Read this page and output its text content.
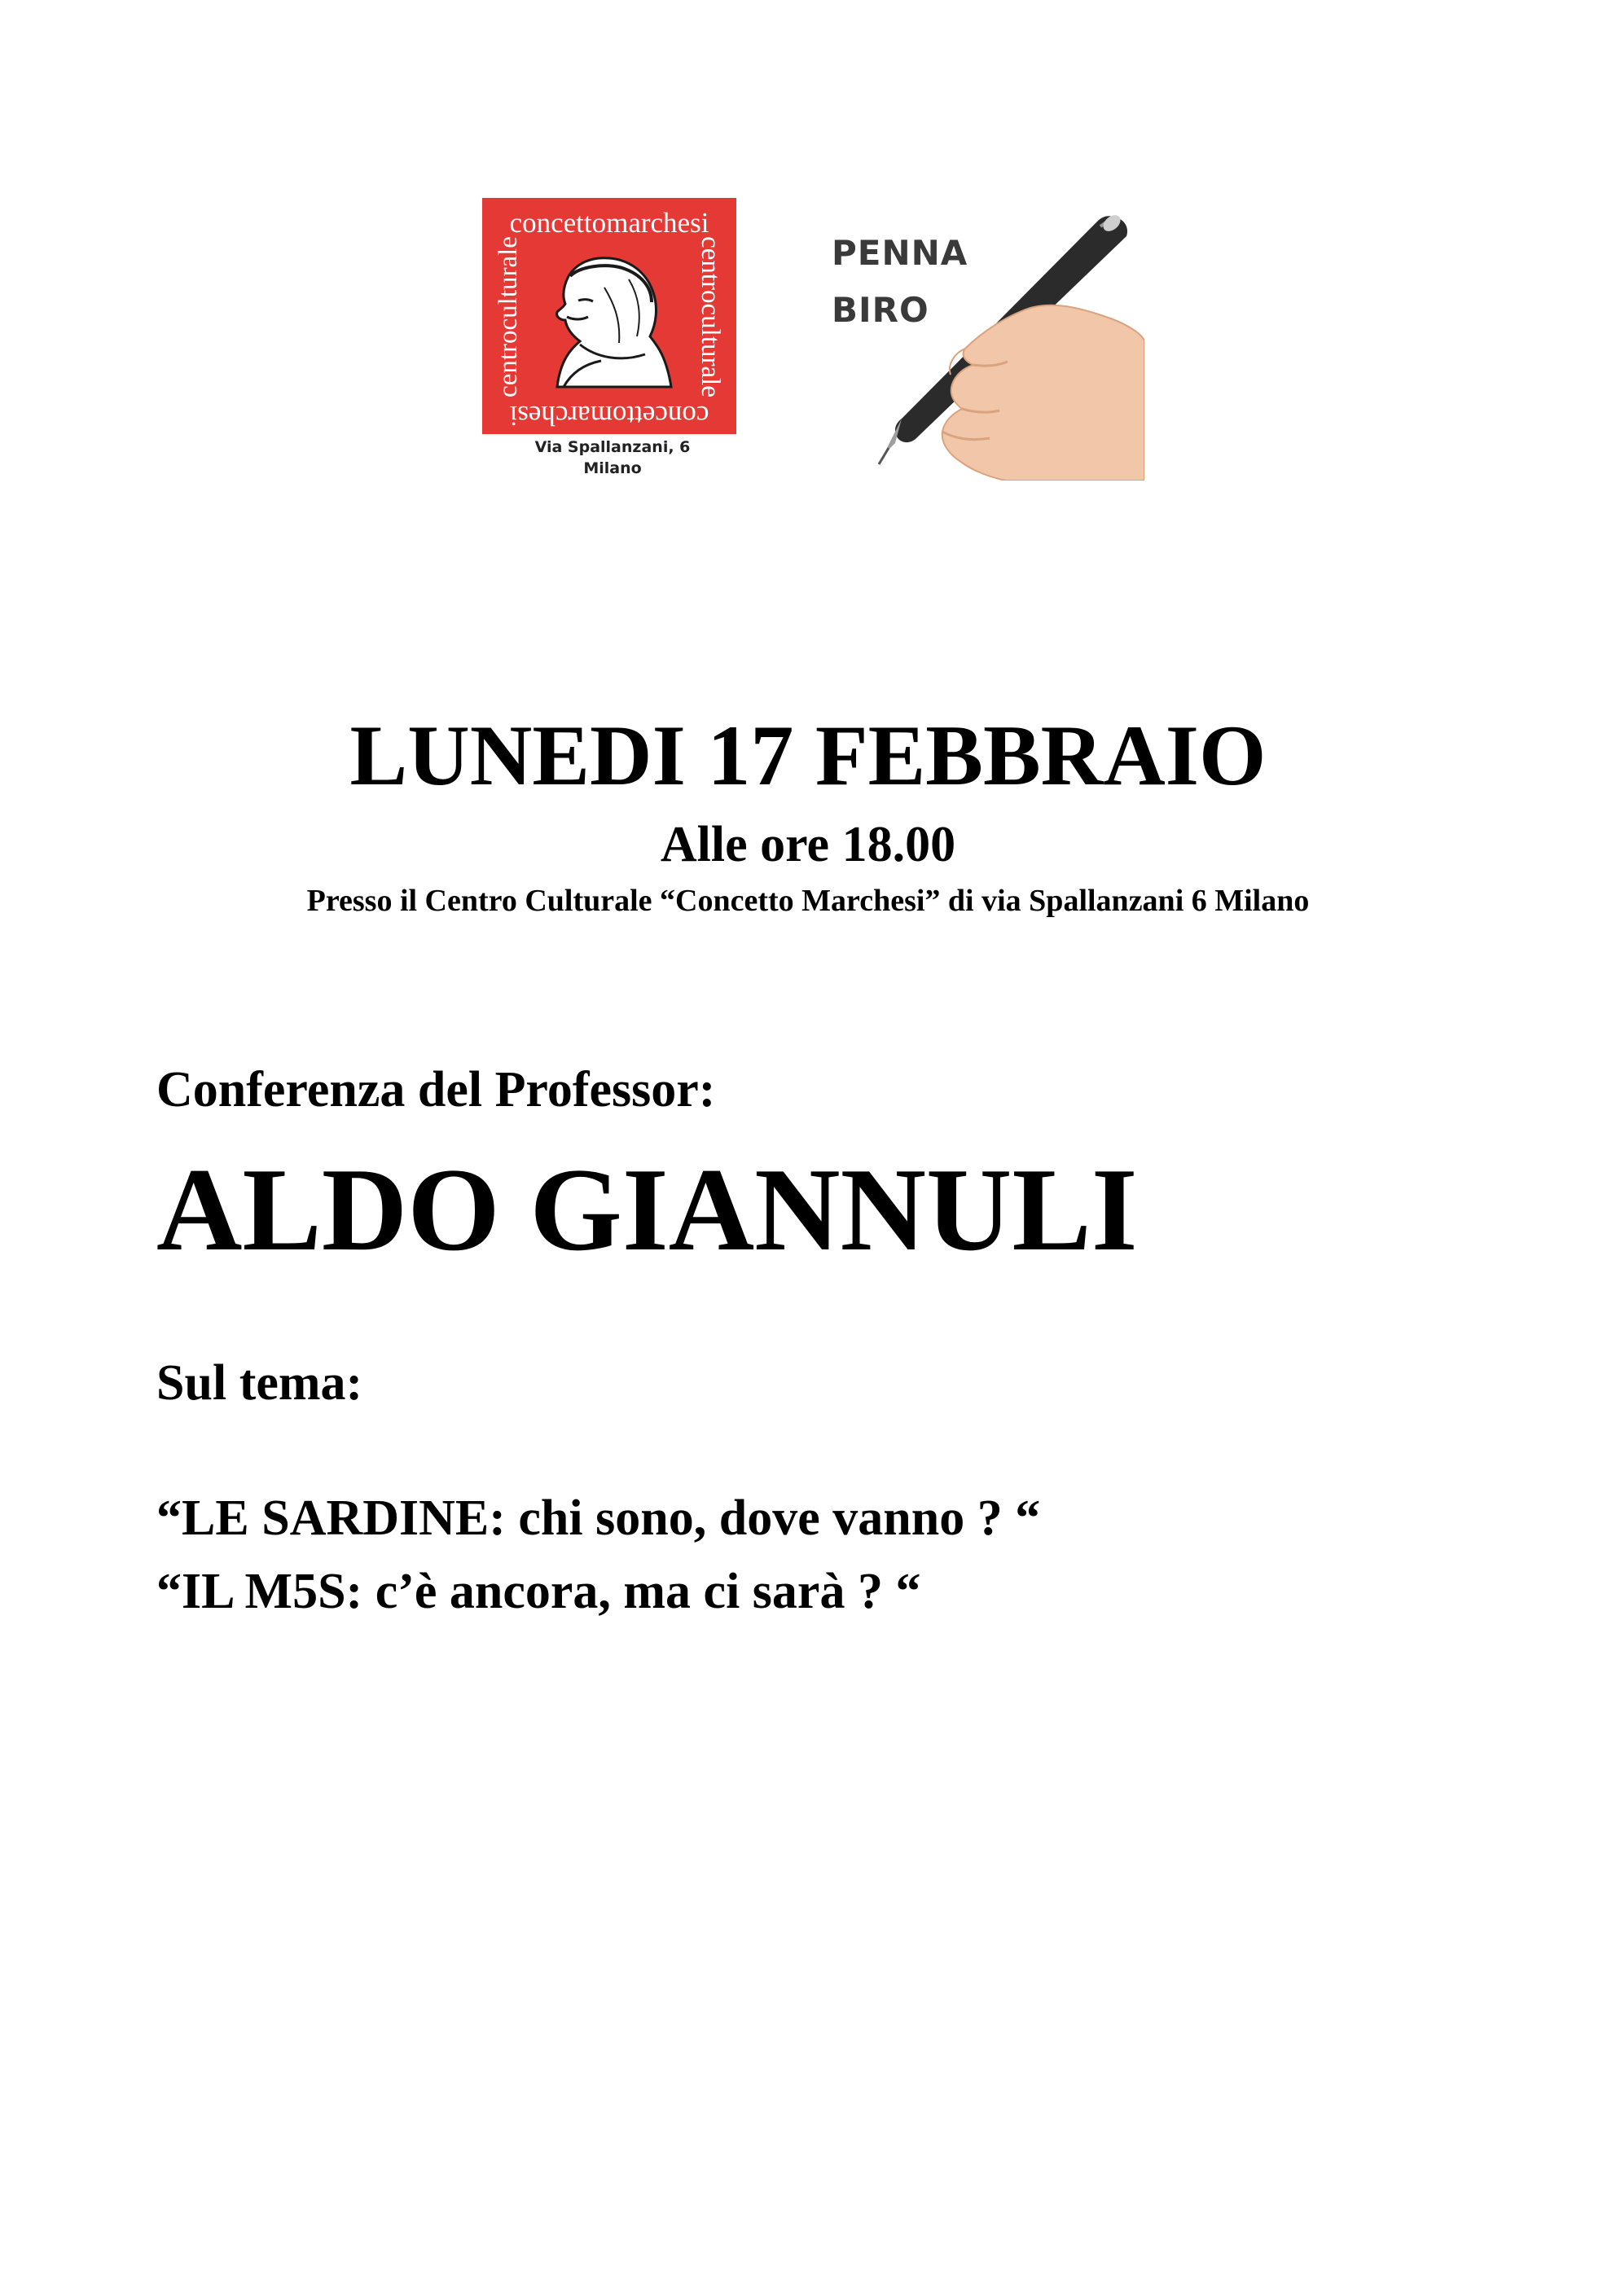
concettomarchesi
concettomarchesi
centroculturale	centroculturale
Via Spallanzani, 6
Milano
PENNA
BIRO
LUNEDI 17 FEBBRAIO
Alle ore 18.00
Presso il Centro Culturale “Concetto Marchesi” di via Spallanzani 6 Milano
Conferenza del Professor:
ALDO GIANNULI
Sul tema:
“LE SARDINE: chi sono, dove vanno ? “
“IL M5S: c’è ancora, ma ci sarà ? “
